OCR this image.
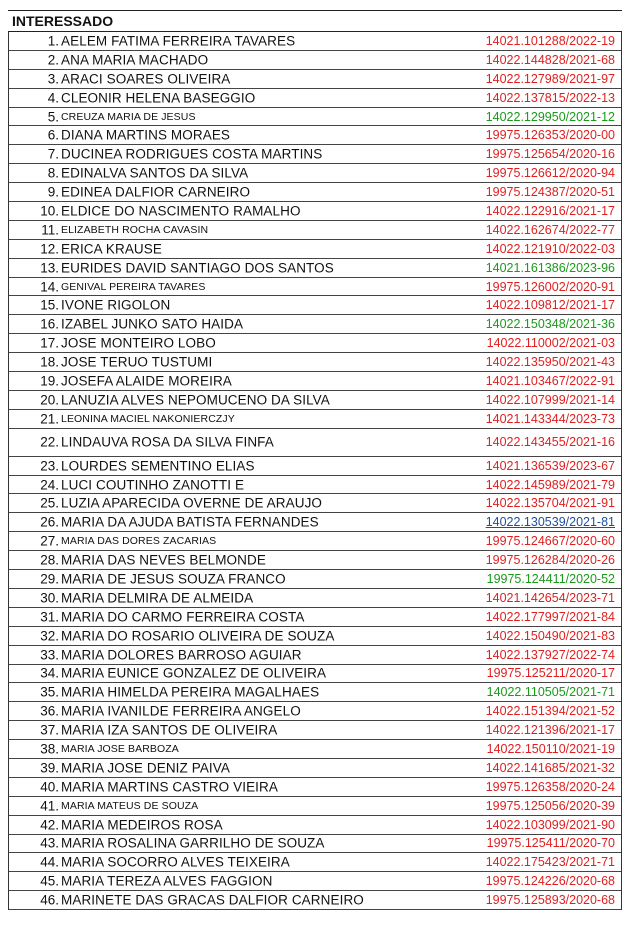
INTERESSADO
1. AELEM FATIMA FERREIRA TAVARES	14021.101288/2022-19
2. ANA MARIA MACHADO	14022.144828/2021-68
3. ARACI SOARES OLIVEIRA	14022.127989/2021-97
4. CLEONIR HELENA BASEGGIO	14022.137815/2022-13
5. CREUZA MARIA DE JESUS	14022.129950/2021-12
6. DIANA MARTINS MORAES	19975.126353/2020-00
7. DUCINEA RODRIGUES COSTA MARTINS	19975.125654/2020-16
8. EDINALVA SANTOS DA SILVA	19975.126612/2020-94
9. EDINEA DALFIOR CARNEIRO	19975.124387/2020-51
10. ELDICE DO NASCIMENTO RAMALHO	14022.122916/2021-17
11. ELIZABETH ROCHA CAVASIN	14022.162674/2022-77
12. ERICA KRAUSE	14022.121910/2022-03
13. EURIDES DAVID SANTIAGO DOS SANTOS	14021.161386/2023-96
14. GENIVAL PEREIRA TAVARES	19975.126002/2020-91
15. IVONE RIGOLON	14022.109812/2021-17
16. IZABEL JUNKO SATO HAIDA	14022.150348/2021-36
17. JOSE MONTEIRO LOBO	14022.110002/2021-03
18. JOSE TERUO TUSTUMI	14022.135950/2021-43
19. JOSEFA ALAIDE MOREIRA	14021.103467/2022-91
20. LANUZIA ALVES NEPOMUCENO DA SILVA	14022.107999/2021-14
21. LEONINA MACIEL NAKONIERCZJY	14021.143344/2023-73
22. LINDAUVA ROSA DA SILVA FINFA	14022.143455/2021-16
23. LOURDES SEMENTINO ELIAS	14021.136539/2023-67
24. LUCI COUTINHO ZANOTTI E	14022.145989/2021-79
25. LUZIA APARECIDA OVERNE DE ARAUJO	14022.135704/2021-91
26. MARIA DA AJUDA BATISTA FERNANDES	14022.130539/2021-81
27. MARIA DAS DORES ZACARIAS	19975.124667/2020-60
28. MARIA DAS NEVES BELMONDE	19975.126284/2020-26
29. MARIA DE JESUS SOUZA FRANCO	19975.124411/2020-52
30. MARIA DELMIRA DE ALMEIDA	14021.142654/2023-71
31. MARIA DO CARMO FERREIRA COSTA	14022.177997/2021-84
32. MARIA DO ROSARIO OLIVEIRA DE SOUZA	14022.150490/2021-83
33. MARIA DOLORES BARROSO AGUIAR	14022.137927/2022-74
34. MARIA EUNICE GONZALEZ DE OLIVEIRA	19975.125211/2020-17
35. MARIA HIMELDA PEREIRA MAGALHAES	14022.110505/2021-71
36. MARIA IVANILDE FERREIRA ANGELO	14022.151394/2021-52
37. MARIA IZA SANTOS DE OLIVEIRA	14022.121396/2021-17
38. MARIA JOSE BARBOZA	14022.150110/2021-19
39. MARIA JOSE DENIZ PAIVA	14022.141685/2021-32
40. MARIA MARTINS CASTRO VIEIRA	19975.126358/2020-24
41. MARIA MATEUS DE SOUZA	19975.125056/2020-39
42. MARIA MEDEIROS ROSA	14022.103099/2021-90
43. MARIA ROSALINA GARRILHO DE SOUZA	19975.125411/2020-70
44. MARIA SOCORRO ALVES TEIXEIRA	14022.175423/2021-71
45. MARIA TEREZA ALVES FAGGION	19975.124226/2020-68
46. MARINETE DAS GRACAS DALFIOR CARNEIRO	19975.125893/2020-68
